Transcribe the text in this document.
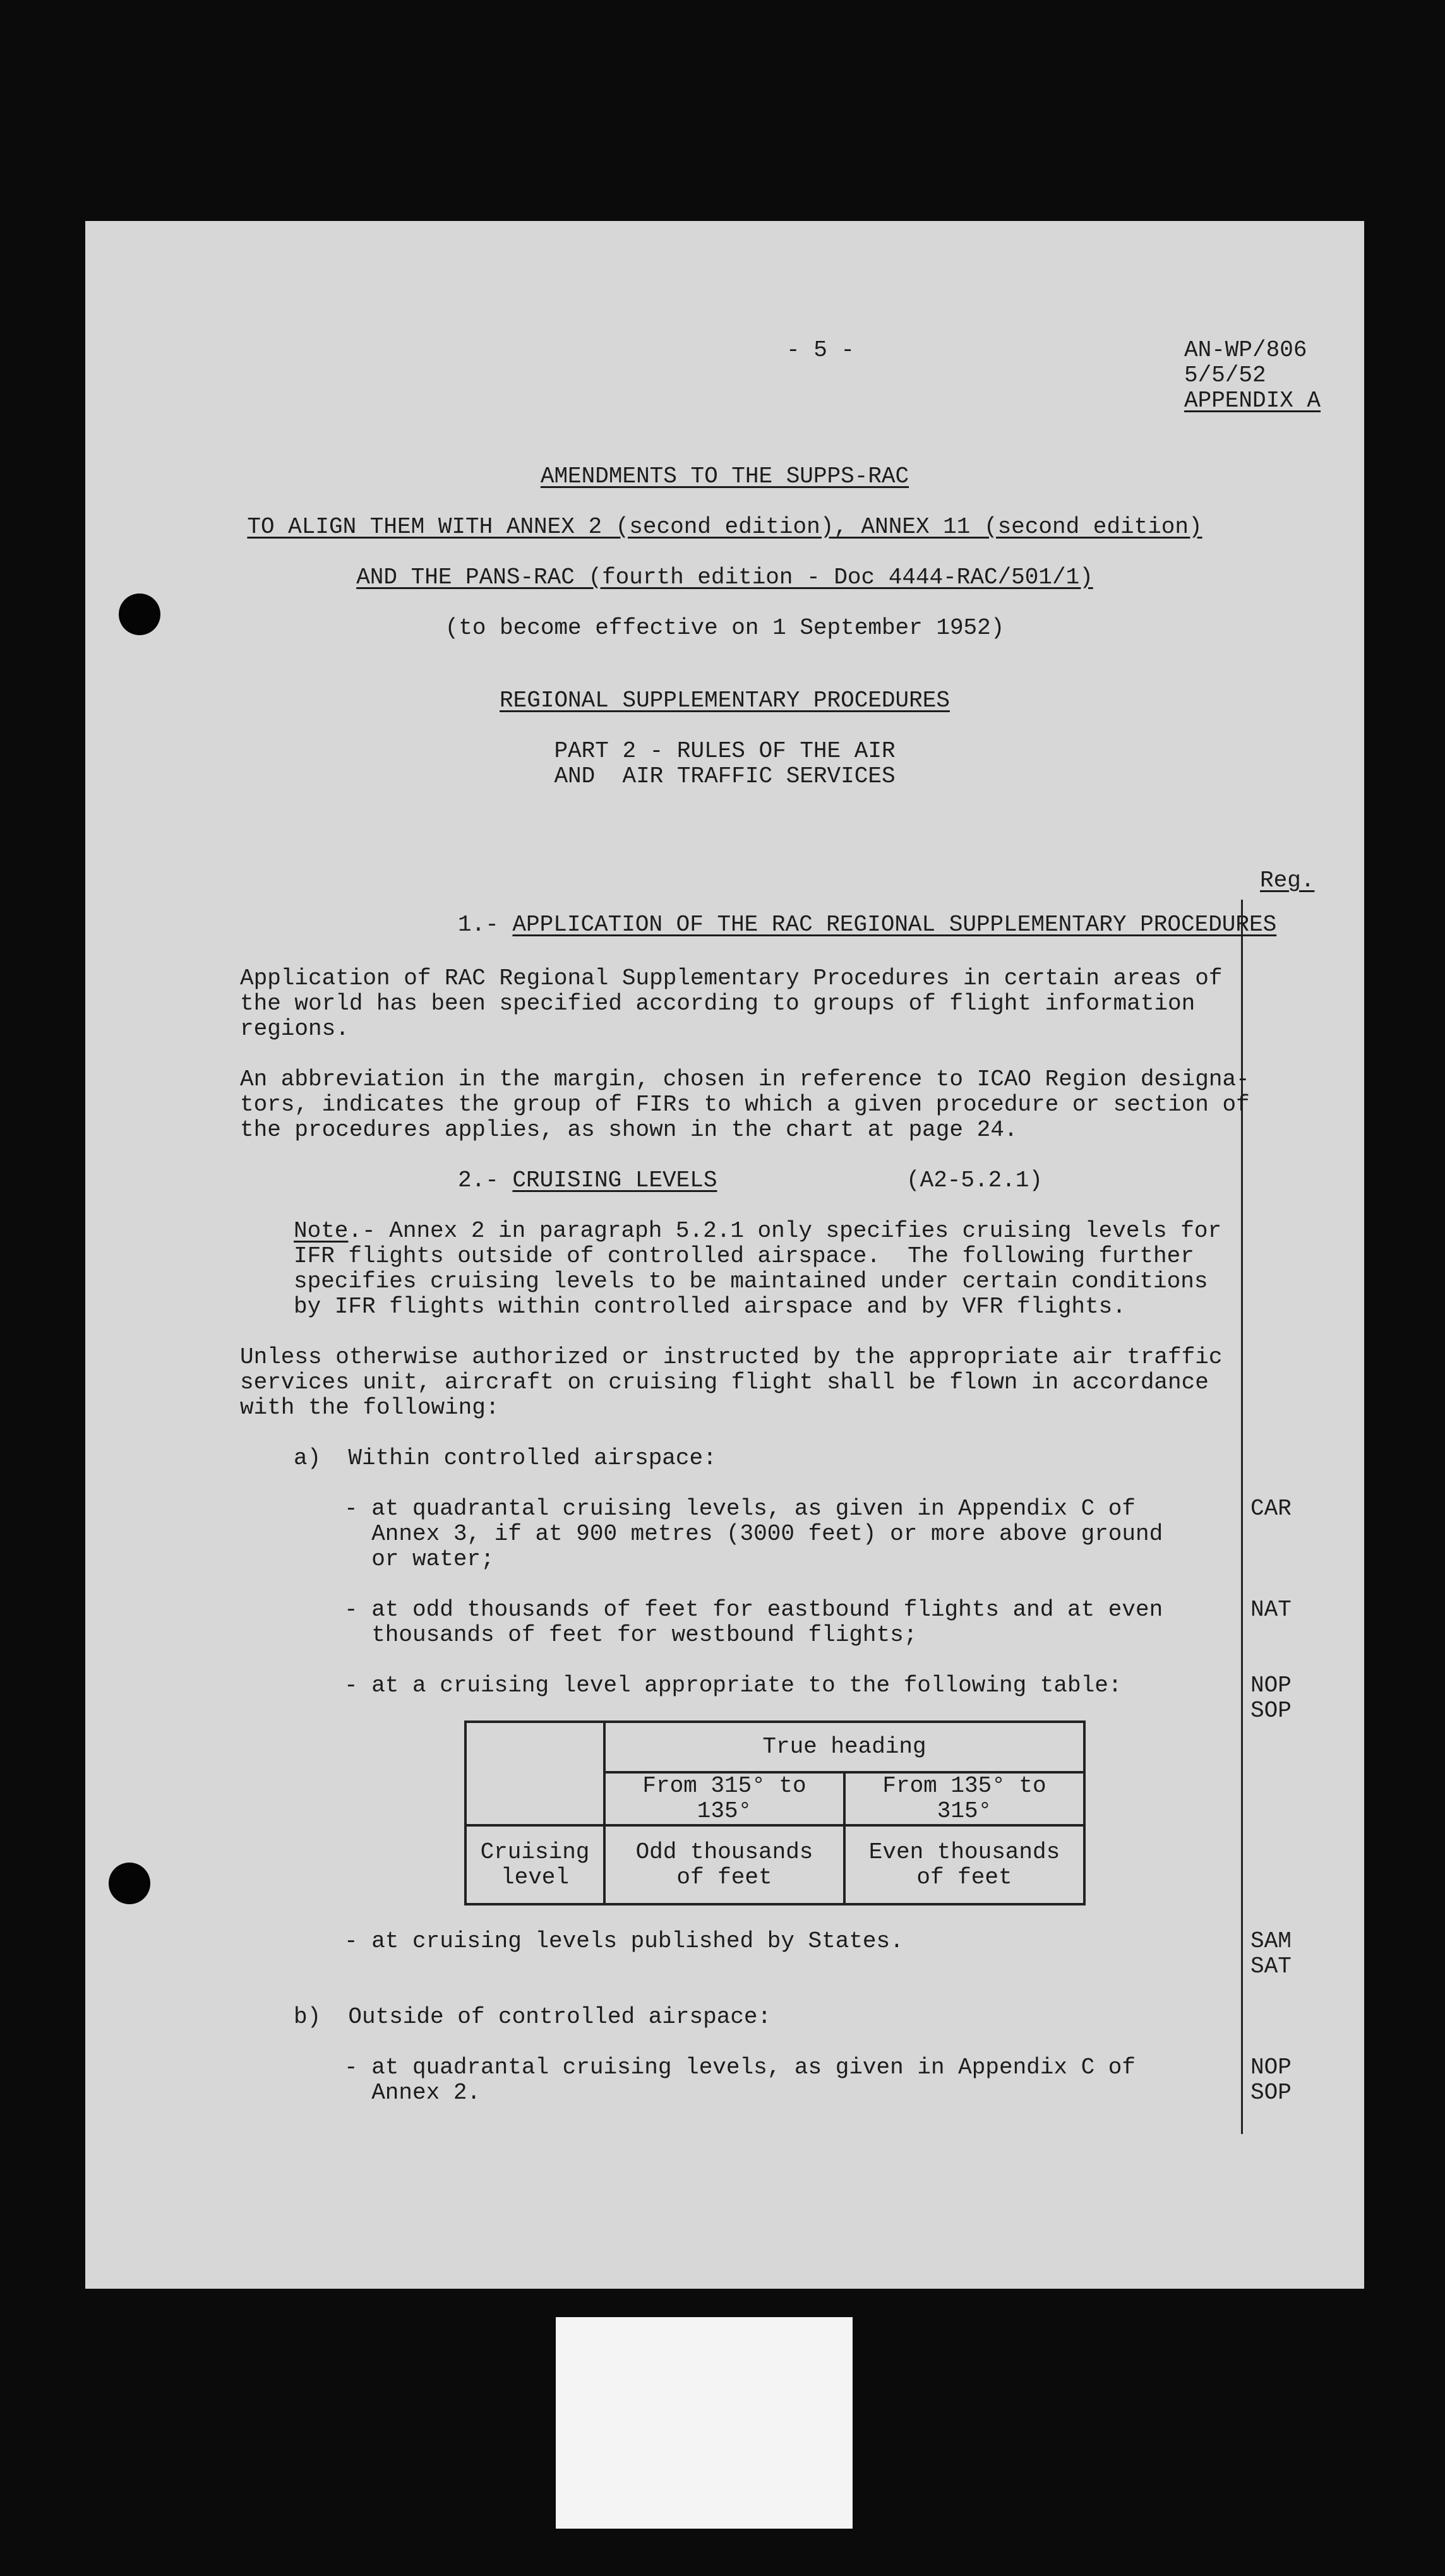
- 5 -	AN-WP/806
5/5/52
APPENDIX A
AMENDMENTS TO THE SUPPS-RAC
TO ALIGN THEM WITH ANNEX 2 (second edition), ANNEX 11 (second edition)
AND THE PANS-RAC (fourth edition - Doc 4444-RAC/501/1)
(to become effective on 1 September 1952)
REGIONAL SUPPLEMENTARY PROCEDURES
PART 2 - RULES OF THE AIR
AND  AIR TRAFFIC SERVICES
Reg.
1.- APPLICATION OF THE RAC REGIONAL SUPPLEMENTARY PROCEDURES
Application of RAC Regional Supplementary Procedures in certain areas of
the world has been specified according to groups of flight information
regions.
An abbreviation in the margin, chosen in reference to ICAO Region designa-
tors, indicates the group of FIRs to which a given procedure or section of
the procedures applies, as shown in the chart at page 24.
2.- CRUISING LEVELS	(A2-5.2.1)
Note.- Annex 2 in paragraph 5.2.1 only specifies cruising levels for
IFR flights outside of controlled airspace.  The following further
specifies cruising levels to be maintained under certain conditions
by IFR flights within controlled airspace and by VFR flights.
Unless otherwise authorized or instructed by the appropriate air traffic
services unit, aircraft on cruising flight shall be flown in accordance
with the following:
a)  Within controlled airspace:
- at quadrantal cruising levels, as given in Appendix C of
Annex 3, if at 900 metres (3000 feet) or more above ground
or water;
CAR
- at odd thousands of feet for eastbound flights and at even
thousands of feet for westbound flights;
NAT
- at a cruising level appropriate to the following table:	NOP
SOP
	True heading	
	From 315° to 135°	From 135° to 315°
Cruising
level	Odd thousands
of feet	Even thousands
of feet
- at cruising levels published by States.	SAM
SAT
b)  Outside of controlled airspace:
- at quadrantal cruising levels, as given in Appendix C of
Annex 2.
NOP
SOP
